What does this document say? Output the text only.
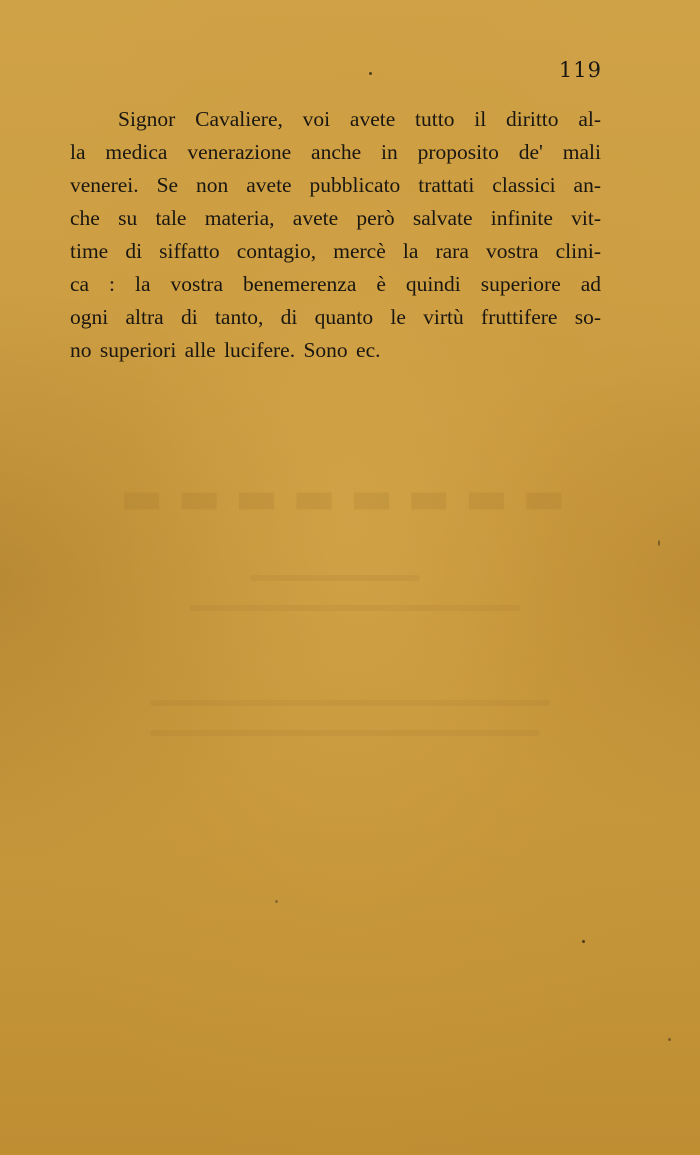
▬▬▬▬▬▬▬▬
119
Signor Cavaliere, voi avete tutto il diritto al-
la medica venerazione anche in proposito de' mali
venerei. Se non avete pubblicato trattati classici an-
che su tale materia, avete però salvate infinite vit-
time di siffatto contagio, mercè la rara vostra clini-
ca : la vostra benemerenza è quindi superiore ad
ogni altra di tanto, di quanto le virtù fruttifere so-
no superiori alle lucifere. Sono ec.
